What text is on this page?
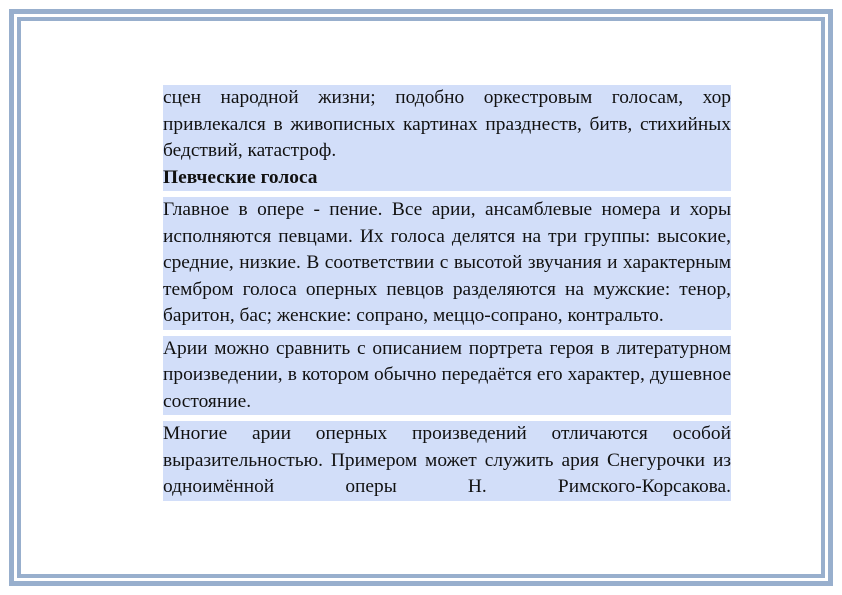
сцен народной жизни; подобно оркестровым голосам, хор привлекался в живописных картинах празднеств, битв, стихийных бедствий, катастроф.

Певческие голоса

Главное в опере - пение. Все арии, ансамблевые номера и хоры исполняются певцами. Их голоса делятся на три группы: высокие, средние, низкие. В соответствии с высотой звучания и характерным тембром голоса оперных певцов разделяются на мужские: тенор, баритон, бас; женские: сопрано, меццо-сопрано, контральто.

Арии можно сравнить с описанием портрета героя в литературном произведении, в котором обычно передаётся его характер, душевное состояние.

Многие арии оперных произведений отличаются особой выразительностью. Примером может служить ария Снегурочки из одноимённой оперы Н. Римского-Корсакова.
